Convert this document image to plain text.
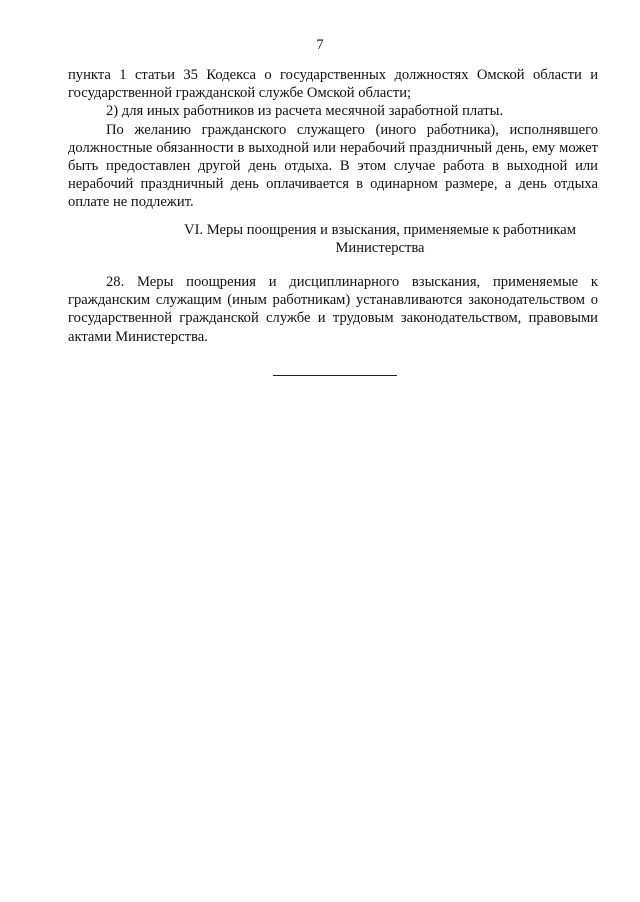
7

пункта 1 статьи 35 Кодекса о государственных должностях Омской области и государственной гражданской службе Омской области;

2) для иных работников из расчета месячной заработной платы.

По желанию гражданского служащего (иного работника), исполнявшего должностные обязанности в выходной или нерабочий праздничный день, ему может быть предоставлен другой день отдыха. В этом случае работа в выходной или нерабочий праздничный день оплачивается в одинарном размере, а день отдыха оплате не подлежит.

VI. Меры поощрения и взыскания, применяемые к работникам
Министерства

28. Меры поощрения и дисциплинарного взыскания, применяемые к гражданским служащим (иным работникам) устанавливаются законодательством о государственной гражданской службе и трудовым законодательством, правовыми актами Министерства.
